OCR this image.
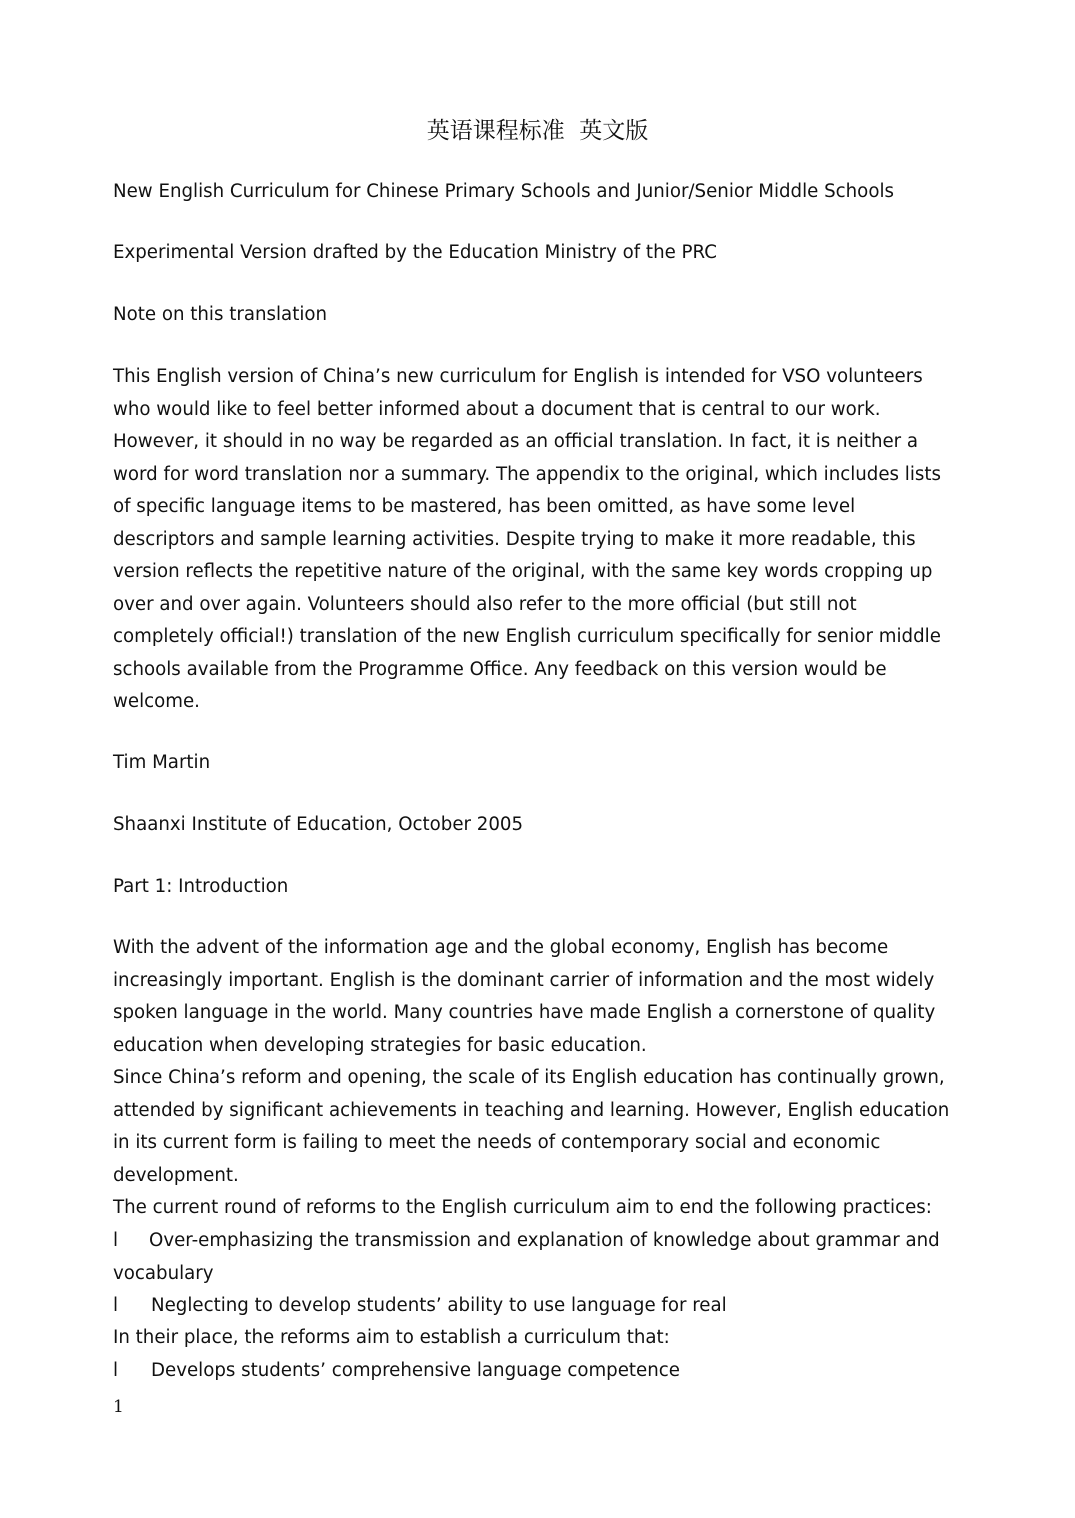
英语课程标准  英文版
New English Curriculum for Chinese Primary Schools and Junior/Senior Middle Schools
Experimental Version drafted by the Education Ministry of the PRC
Note on this translation
This English version of China’s new curriculum for English is intended for VSO volunteers
who would like to feel better informed about a document that is central to our work.
However, it should in no way be regarded as an official translation. In fact, it is neither a
word for word translation nor a summary. The appendix to the original, which includes lists
of specific language items to be mastered, has been omitted, as have some level
descriptors and sample learning activities. Despite trying to make it more readable, this
version reflects the repetitive nature of the original, with the same key words cropping up
over and over again. Volunteers should also refer to the more official (but still not
completely official!) translation of the new English curriculum specifically for senior middle
schools available from the Programme Office. Any feedback on this version would be
welcome.
Tim Martin
Shaanxi Institute of Education, October 2005
Part 1: Introduction
With the advent of the information age and the global economy, English has become
increasingly important. English is the dominant carrier of information and the most widely
spoken language in the world. Many countries have made English a cornerstone of quality
education when developing strategies for basic education.
Since China’s reform and opening, the scale of its English education has continually grown,
attended by significant achievements in teaching and learning. However, English education
in its current form is failing to meet the needs of contemporary social and economic
development.
The current round of reforms to the English curriculum aim to end the following practices:
l	Over-emphasizing the transmission and explanation of knowledge about grammar and
vocabulary
l	Neglecting to develop students’ ability to use language for real
In their place, the reforms aim to establish a curriculum that:
l	Develops students’ comprehensive language competence
1
